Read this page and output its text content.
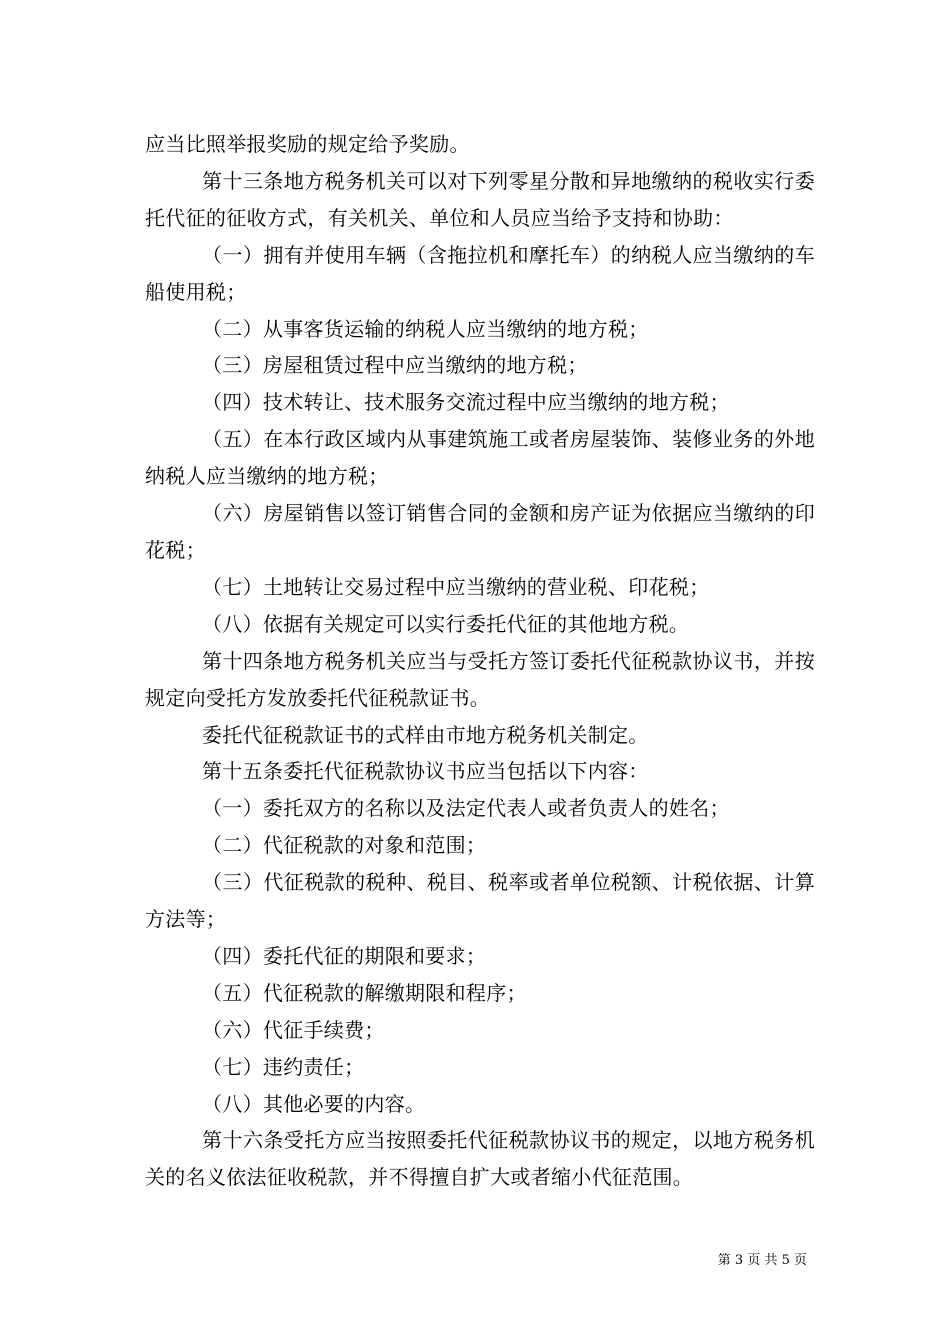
应当比照举报奖励的规定给予奖励。

第十三条地方税务机关可以对下列零星分散和异地缴纳的税收实行委托代征的征收方式，有关机关、单位和人员应当给予支持和协助：

（一）拥有并使用车辆（含拖拉机和摩托车）的纳税人应当缴纳的车船使用税；

（二）从事客货运输的纳税人应当缴纳的地方税；

（三）房屋租赁过程中应当缴纳的地方税；

（四）技术转让、技术服务交流过程中应当缴纳的地方税；

（五）在本行政区域内从事建筑施工或者房屋装饰、装修业务的外地纳税人应当缴纳的地方税；

（六）房屋销售以签订销售合同的金额和房产证为依据应当缴纳的印花税；

（七）土地转让交易过程中应当缴纳的营业税、印花税；

（八）依据有关规定可以实行委托代征的其他地方税。

第十四条地方税务机关应当与受托方签订委托代征税款协议书，并按规定向受托方发放委托代征税款证书。

委托代征税款证书的式样由市地方税务机关制定。

第十五条委托代征税款协议书应当包括以下内容：

（一）委托双方的名称以及法定代表人或者负责人的姓名；

（二）代征税款的对象和范围；

（三）代征税款的税种、税目、税率或者单位税额、计税依据、计算方法等；

（四）委托代征的期限和要求；

（五）代征税款的解缴期限和程序；

（六）代征手续费；

（七）违约责任；

（八）其他必要的内容。

第十六条受托方应当按照委托代征税款协议书的规定，以地方税务机关的名义依法征收税款，并不得擅自扩大或者缩小代征范围。

第 3 页 共 5 页
